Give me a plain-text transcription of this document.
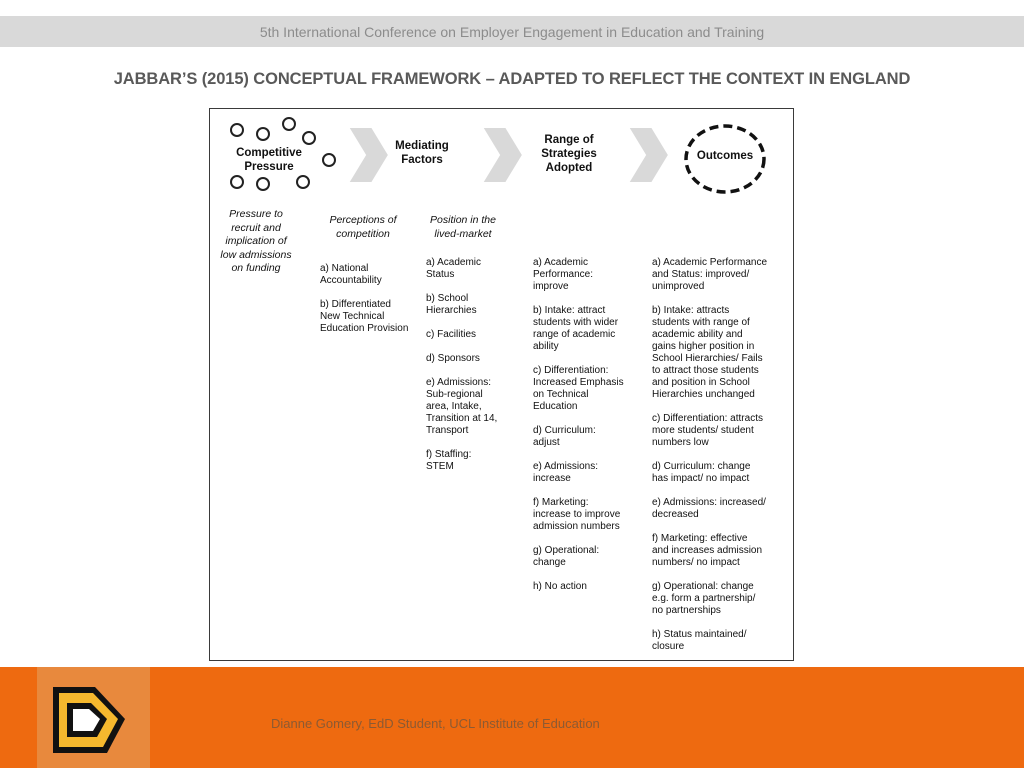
5th International Conference on Employer Engagement in Education and Training
JABBAR’S (2015) CONCEPTUAL FRAMEWORK – ADAPTED TO REFLECT THE CONTEXT IN ENGLAND
Competitive
Pressure
Mediating
Factors
Range of
Strategies
Adopted
Outcomes
Pressure to
recruit and
implication of
low admissions
on funding
Perceptions of
competition
Position in the
lived-market
a) National
Accountability
b) Differentiated
New Technical
Education Provision
a) Academic
Status
b) School
Hierarchies
c) Facilities
d) Sponsors
e) Admissions:
Sub-regional
area, Intake,
Transition at 14,
Transport
f) Staffing:
STEM
a) Academic
Performance:
improve
b) Intake: attract
students with wider
range of academic
ability
c) Differentiation:
Increased Emphasis
on Technical
Education
d) Curriculum:
adjust
e) Admissions:
increase
f) Marketing:
increase to improve
admission numbers
g) Operational:
change
h) No action
a) Academic Performance
and Status: improved/
unimproved
b) Intake: attracts
students with range of
academic ability and
gains higher position in
School Hierarchies/ Fails
to attract those students
and position in School
Hierarchies unchanged
c) Differentiation: attracts
more students/ student
numbers low
d) Curriculum: change
has impact/ no impact
e) Admissions: increased/
decreased
f) Marketing: effective
and increases admission
numbers/ no impact
g) Operational: change
e.g. form a partnership/
no partnerships
h) Status maintained/
closure
Dianne Gomery, EdD Student, UCL Institute of Education
